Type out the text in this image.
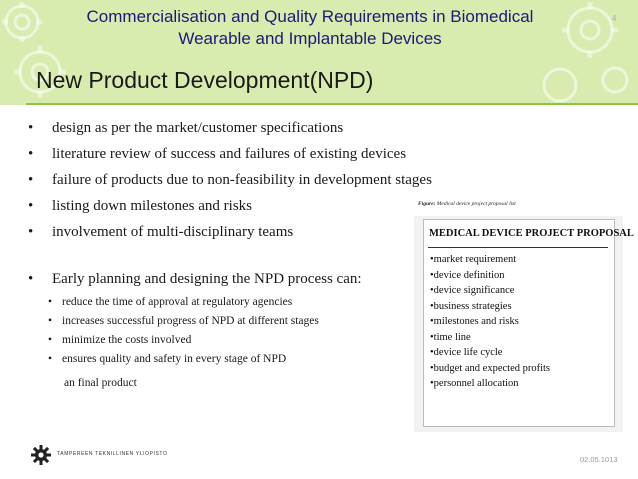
Commercialisation and Quality Requirements in Biomedical
Wearable and Implantable Devices
4
New Product Development(NPD)
• design as per the market/customer specifications
• literature review of success and failures of existing devices
• failure of products due to non-feasibility in development stages
• listing down milestones and risks
• involvement of multi-disciplinary teams
• Early planning and designing the NPD process can:
• reduce the time of approval at regulatory agencies
• increases successful progress of NPD at different stages
• minimize the costs involved
• ensures quality and safety in every stage of NPD
an final product
Figure: Medical device project proposal list
MEDICAL DEVICE PROJECT PROPOSAL
•market requirement
•device definition
•device significance
•business strategies
•milestones and risks
•time line
•device life cycle
•budget and expected profits
•personnel allocation
TAMPEREEN TEKNILLINEN YLIOPISTO
02.05.1013
